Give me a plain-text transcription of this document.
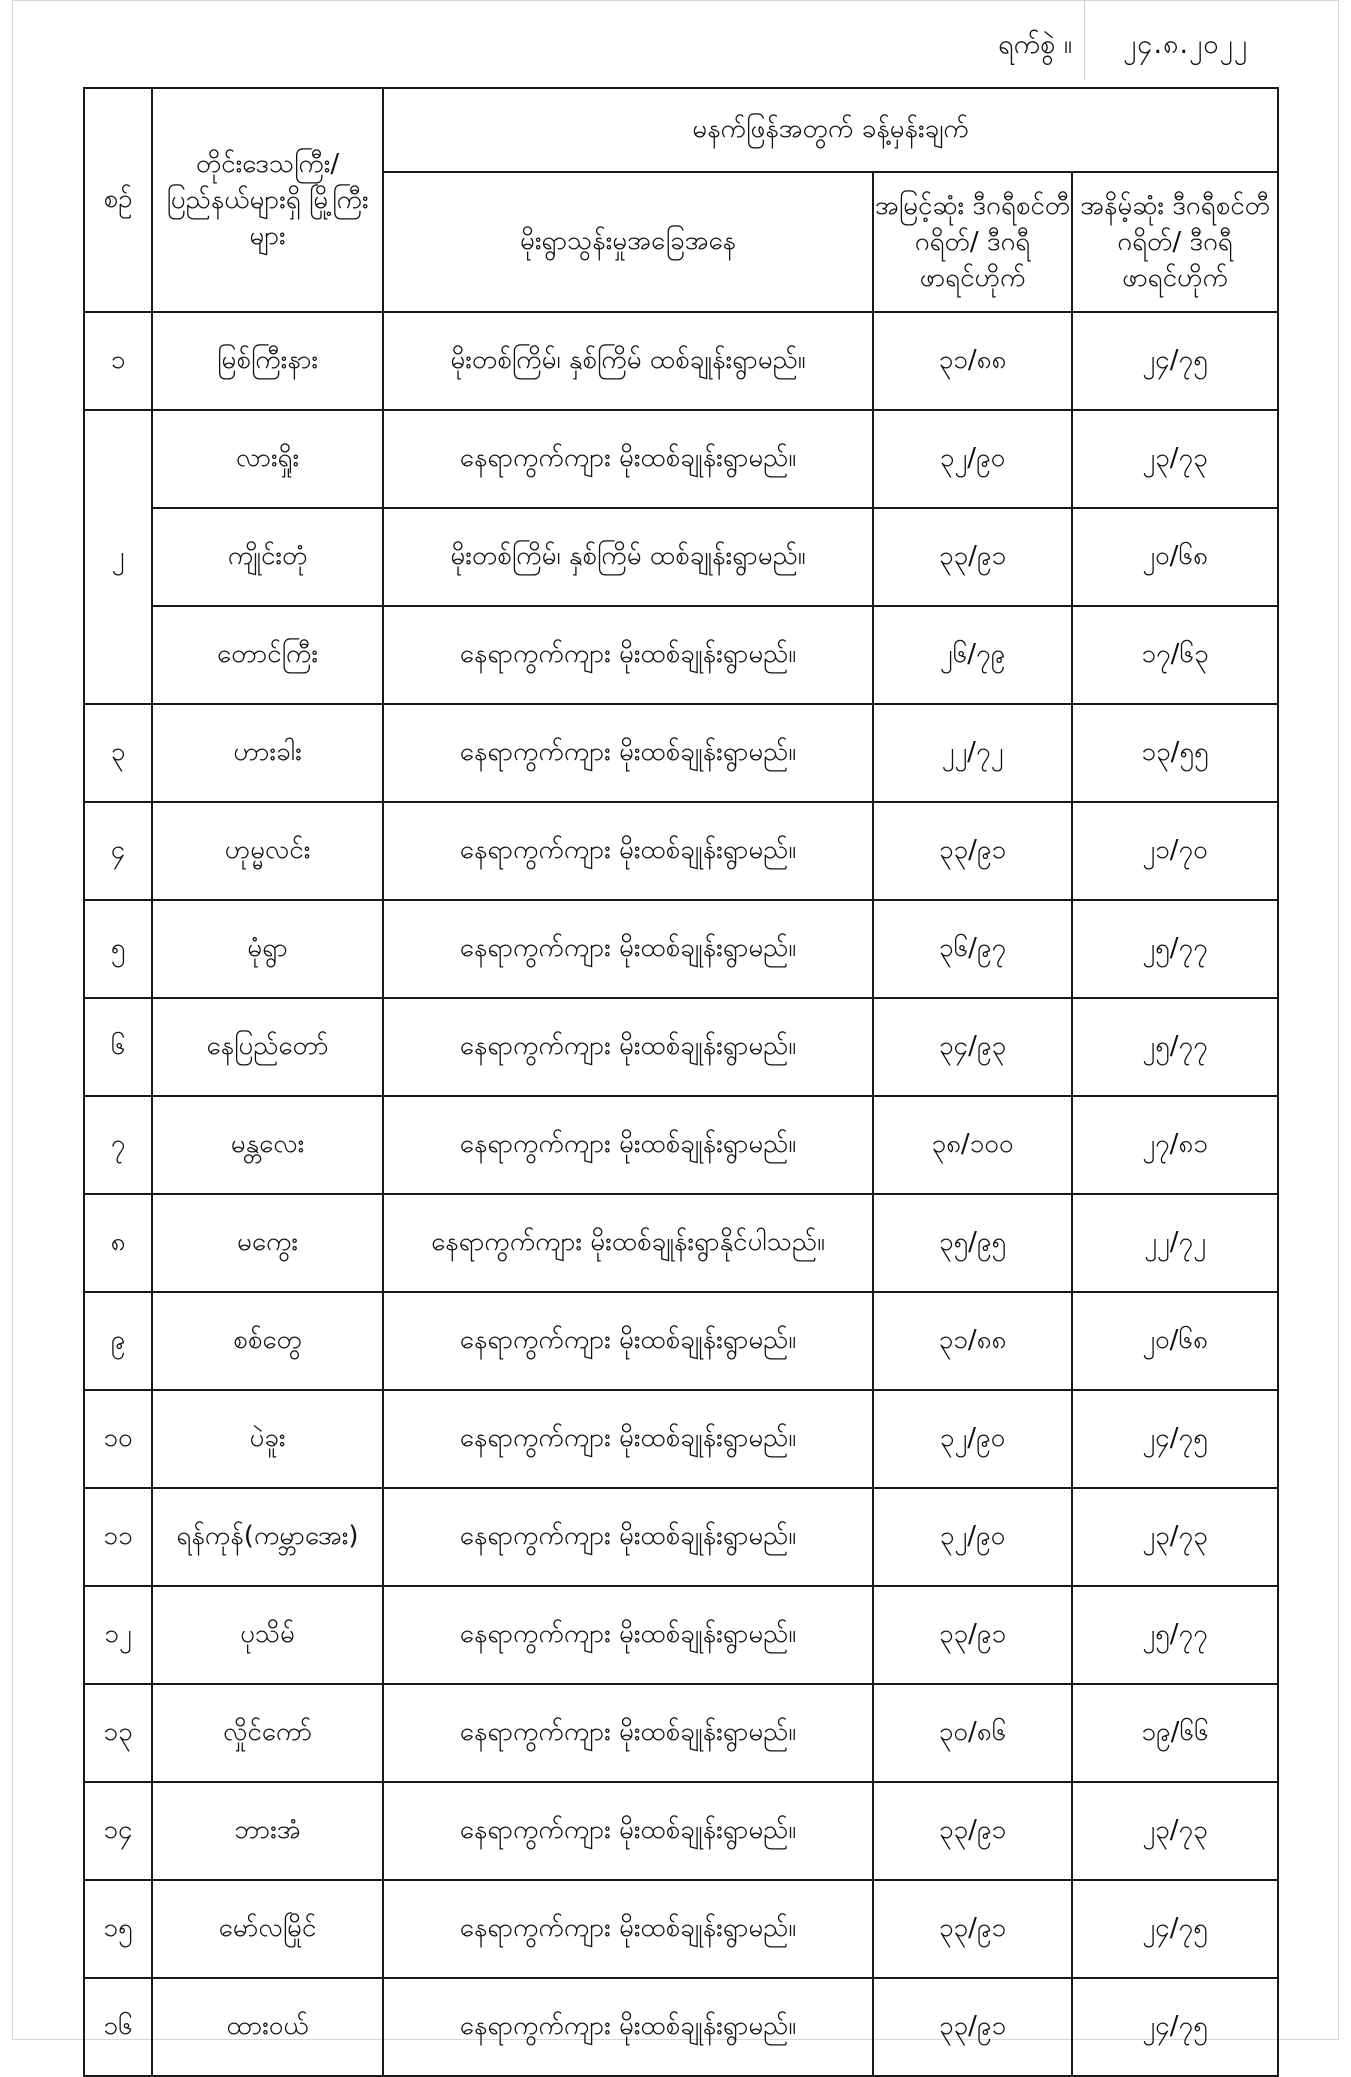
ရက်စွဲ ။	၂၄.၈.၂၀၂၂
စဉ်	တိုင်းဒေသကြီး/ ပြည်နယ်များရှိ မြို့ကြီးများ	မနက်ဖြန်အတွက် ခန့်မှန်းချက်		
		မိုးရွာသွန်းမှုအခြေအနေ	အမြင့်ဆုံး ဒီဂရီစင်တီဂရိတ်/ ဒီဂရီဖာရင်ဟိုက်	အနိမ့်ဆုံး ဒီဂရီစင်တီဂရိတ်/ ဒီဂရီဖာရင်ဟိုက်
၁	မြစ်ကြီးနား	မိုးတစ်ကြိမ်၊ နှစ်ကြိမ် ထစ်ချုန်းရွာမည်။	၃၁/၈၈	၂၄/၇၅
၂	လားရှိုး	နေရာကွက်ကျား မိုးထစ်ချုန်းရွာမည်။	၃၂/၉၀	၂၃/၇၃
	ကျိုင်းတုံ	မိုးတစ်ကြိမ်၊ နှစ်ကြိမ် ထစ်ချုန်းရွာမည်။	၃၃/၉၁	၂၀/၆၈
	တောင်ကြီး	နေရာကွက်ကျား မိုးထစ်ချုန်းရွာမည်။	၂၆/၇၉	၁၇/၆၃
၃	ဟားခါး	နေရာကွက်ကျား မိုးထစ်ချုန်းရွာမည်။	၂၂/၇၂	၁၃/၅၅
၄	ဟုမ္မလင်း	နေရာကွက်ကျား မိုးထစ်ချုန်းရွာမည်။	၃၃/၉၁	၂၁/၇၀
၅	မုံရွာ	နေရာကွက်ကျား မိုးထစ်ချုန်းရွာမည်။	၃၆/၉၇	၂၅/၇၇
၆	နေပြည်တော်	နေရာကွက်ကျား မိုးထစ်ချုန်းရွာမည်။	၃၄/၉၃	၂၅/၇၇
၇	မန္တလေး	နေရာကွက်ကျား မိုးထစ်ချုန်းရွာမည်။	၃၈/၁၀၀	၂၇/၈၁
၈	မကွေး	နေရာကွက်ကျား မိုးထစ်ချုန်းရွာနိုင်ပါသည်။	၃၅/၉၅	၂၂/၇၂
၉	စစ်တွေ	နေရာကွက်ကျား မိုးထစ်ချုန်းရွာမည်။	၃၁/၈၈	၂၀/၆၈
၁၀	ပဲခူး	နေရာကွက်ကျား မိုးထစ်ချုန်းရွာမည်။	၃၂/၉၀	၂၄/၇၅
၁၁	ရန်ကုန်(ကမ္ဘာအေး)	နေရာကွက်ကျား မိုးထစ်ချုန်းရွာမည်။	၃၂/၉၀	၂၃/၇၃
၁၂	ပုသိမ်	နေရာကွက်ကျား မိုးထစ်ချုန်းရွာမည်။	၃၃/၉၁	၂၅/၇၇
၁၃	လှိုင်ကော်	နေရာကွက်ကျား မိုးထစ်ချုန်းရွာမည်။	၃၀/၈၆	၁၉/၆၆
၁၄	ဘားအံ	နေရာကွက်ကျား မိုးထစ်ချုန်းရွာမည်။	၃၃/၉၁	၂၃/၇၃
၁၅	မော်လမြိုင်	နေရာကွက်ကျား မိုးထစ်ချုန်းရွာမည်။	၃၃/၉၁	၂၄/၇၅
၁၆	ထားဝယ်	နေရာကွက်ကျား မိုးထစ်ချုန်းရွာမည်။	၃၃/၉၁	၂၄/၇၅
